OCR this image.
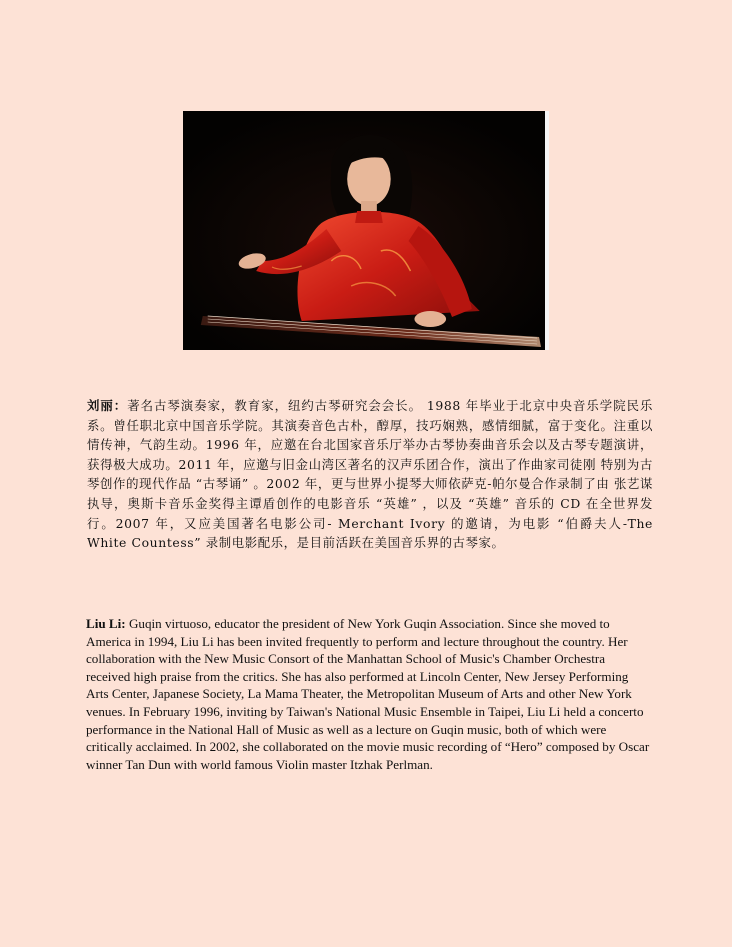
刘丽：著名古琴演奏家，教育家，纽约古琴研究会会长。 1988 年毕业于北京中央音乐学院民乐系。曾任职北京中国音乐学院。其演奏音色古朴，醇厚，技巧娴熟，感情细腻，富于变化。注重以情传神，气韵生动。1996 年，应邀在台北国家音乐厅举办古琴协奏曲音乐会以及古琴专题演讲，获得极大成功。2011 年，应邀与旧金山湾区著名的汉声乐团合作，演出了作曲家司徒刚 特别为古琴创作的现代作品 “古琴诵” 。2002 年，更与世界小提琴大师依萨克-帕尔曼合作录制了由 张艺谋执导，奥斯卡音乐金奖得主谭盾创作的电影音乐 “英雄” ，以及 “英雄” 音乐的 CD 在全世界发行。2007 年，又应美国著名电影公司- Merchant Ivory 的邀请，为电影 “伯爵夫人-The White Countess” 录制电影配乐，是目前活跃在美国音乐界的古琴家。
Liu Li: Guqin virtuoso, educator the president of New York Guqin Association. Since she moved to America in 1994, Liu Li has been invited frequently to perform and lecture throughout the country. Her collaboration with the New Music Consort of the Manhattan School of Music's Chamber Orchestra received high praise from the critics. She has also performed at Lincoln Center, New Jersey Performing Arts Center, Japanese Society, La Mama Theater, the Metropolitan Museum of Arts and other New York venues. In February 1996, inviting by Taiwan's National Music Ensemble in Taipei, Liu Li held a concerto performance in the National Hall of Music as well as a lecture on Guqin music, both of which were critically acclaimed. In 2002, she collaborated on the movie music recording of “Hero” composed by Oscar winner Tan Dun with world famous Violin master Itzhak Perlman.
